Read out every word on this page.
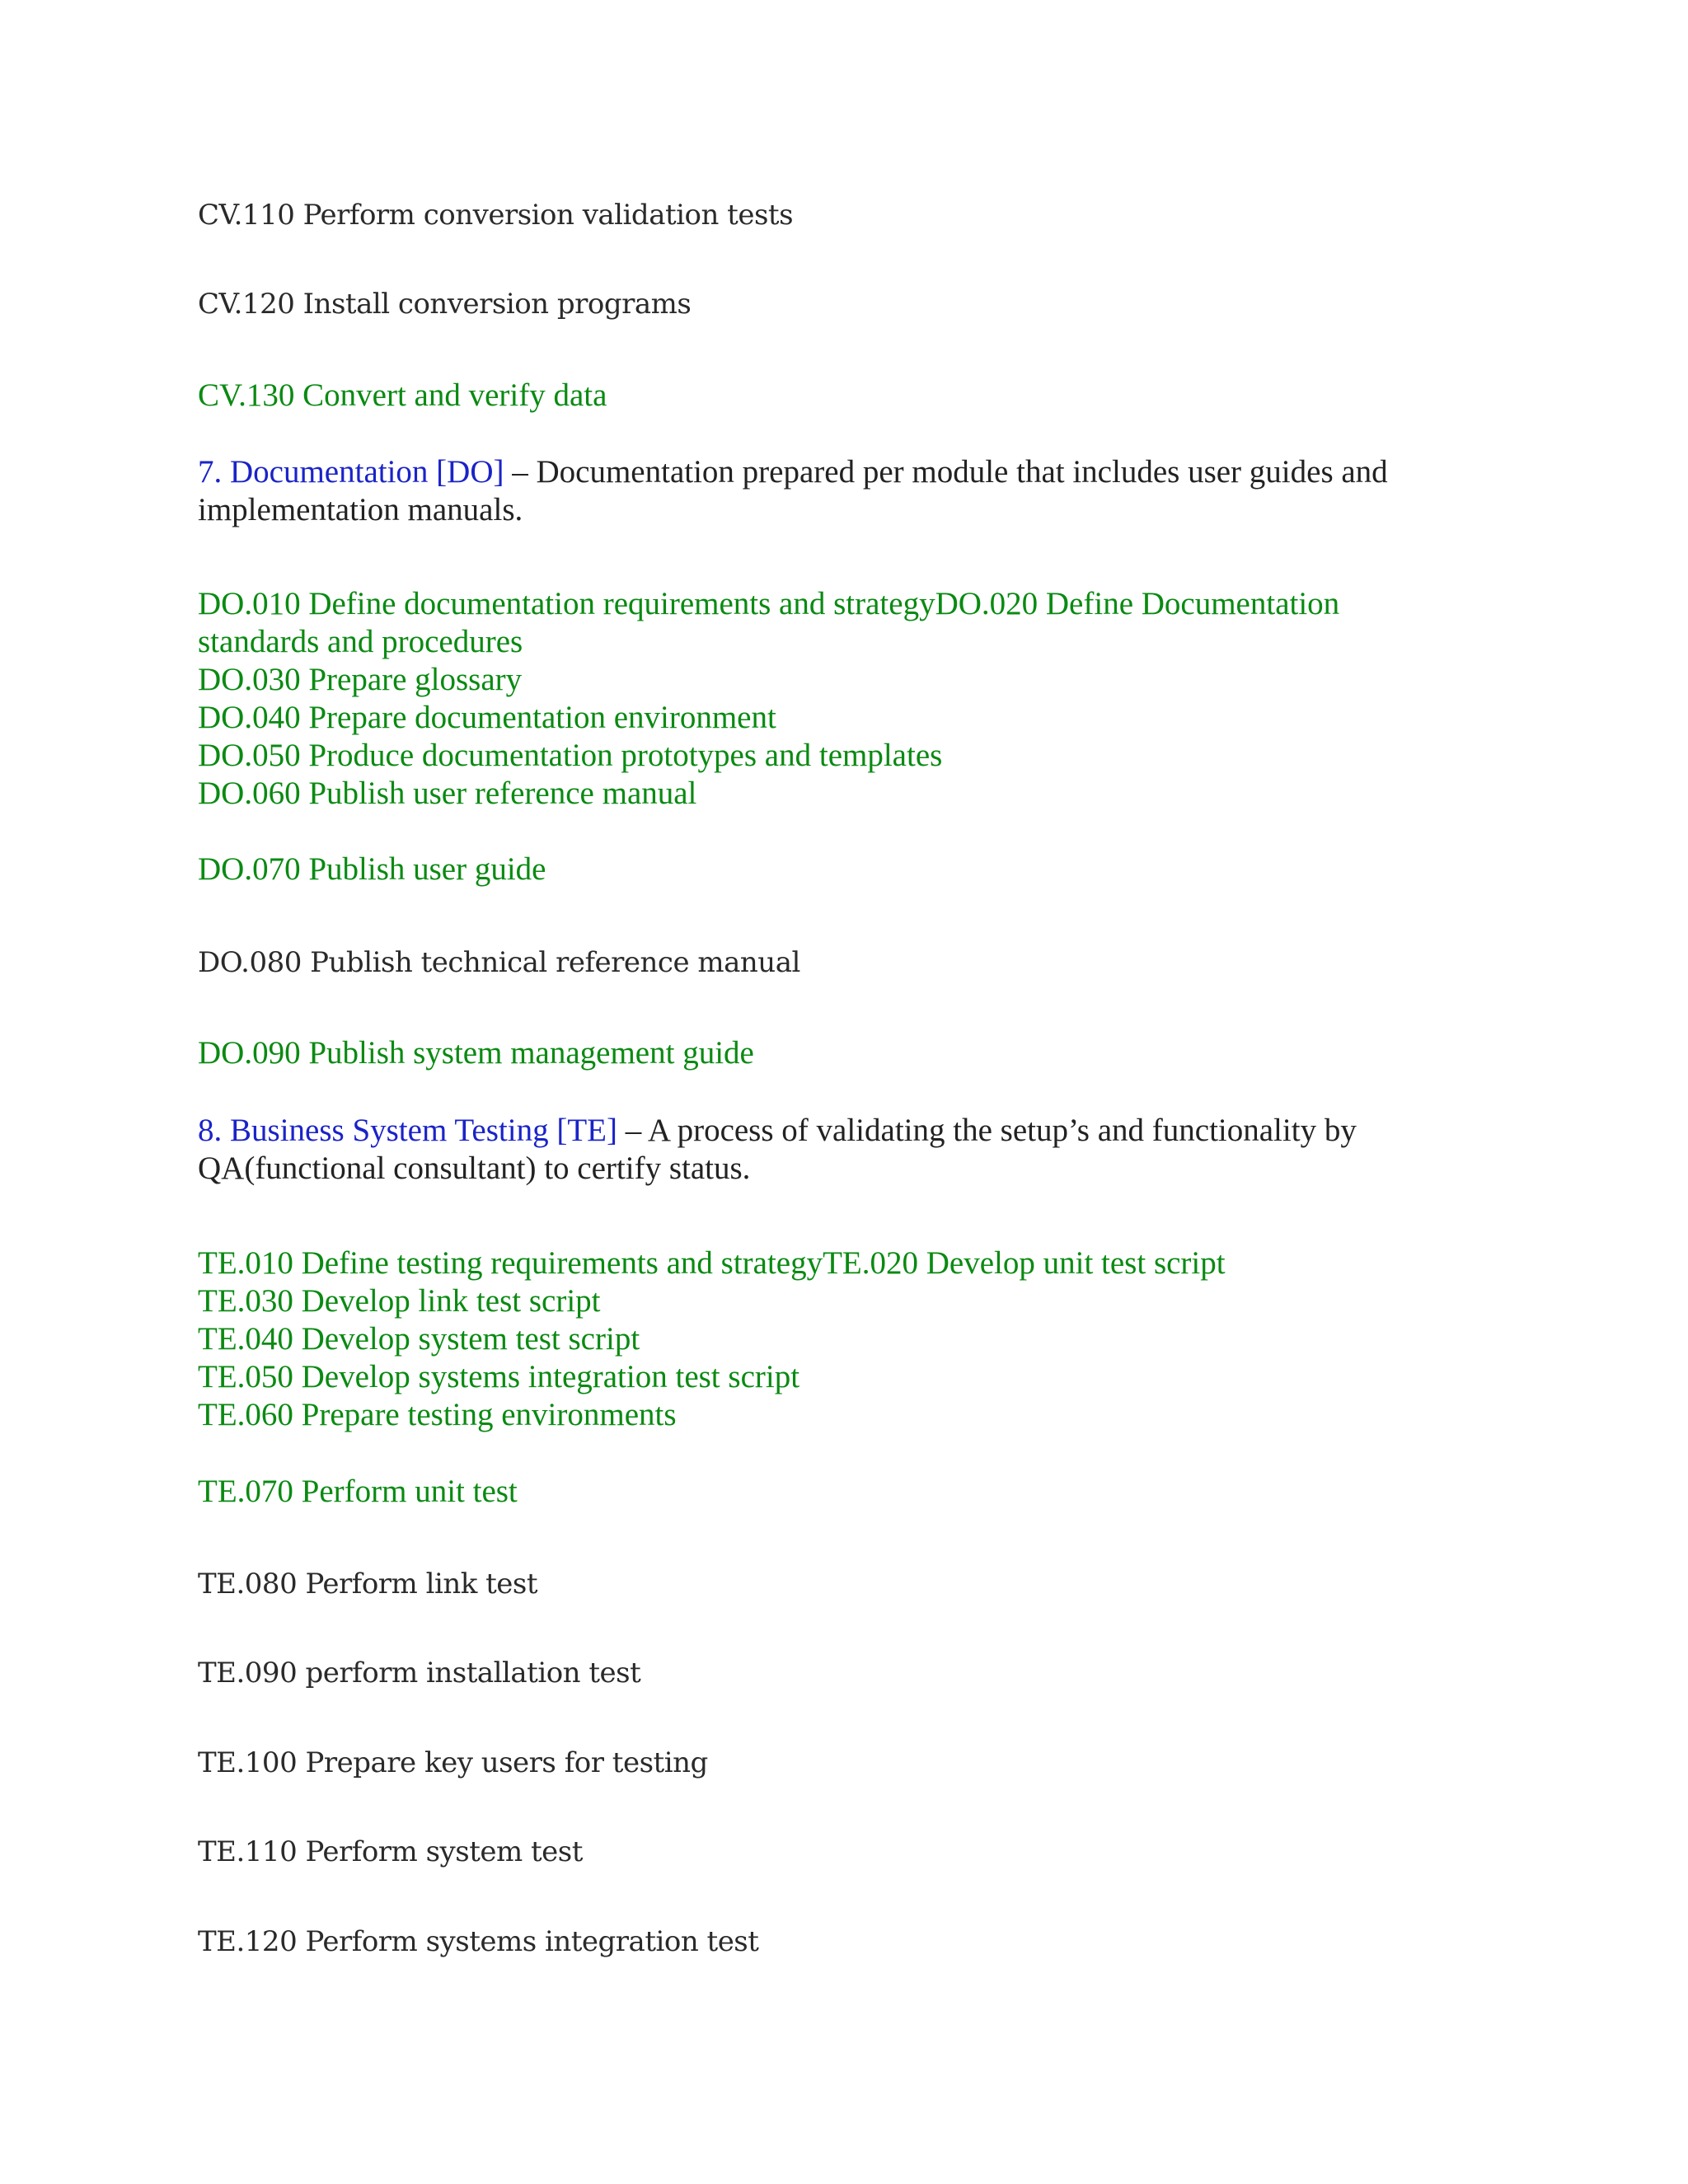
CV.110 Perform conversion validation tests
CV.120 Install conversion programs
CV.130 Convert and verify data
7. Documentation [DO] – Documentation prepared per module that includes user guides and
implementation manuals.
DO.010 Define documentation requirements and strategyDO.020 Define Documentation
standards and procedures
DO.030 Prepare glossary
DO.040 Prepare documentation environment
DO.050 Produce documentation prototypes and templates
DO.060 Publish user reference manual
DO.070 Publish user guide
DO.080 Publish technical reference manual
DO.090 Publish system management guide
8. Business System Testing [TE] – A process of validating the setup’s and functionality by
QA(functional consultant) to certify status.
TE.010 Define testing requirements and strategyTE.020 Develop unit test script
TE.030 Develop link test script
TE.040 Develop system test script
TE.050 Develop systems integration test script
TE.060 Prepare testing environments
TE.070 Perform unit test
TE.080 Perform link test
TE.090 perform installation test
TE.100 Prepare key users for testing
TE.110 Perform system test
TE.120 Perform systems integration test
